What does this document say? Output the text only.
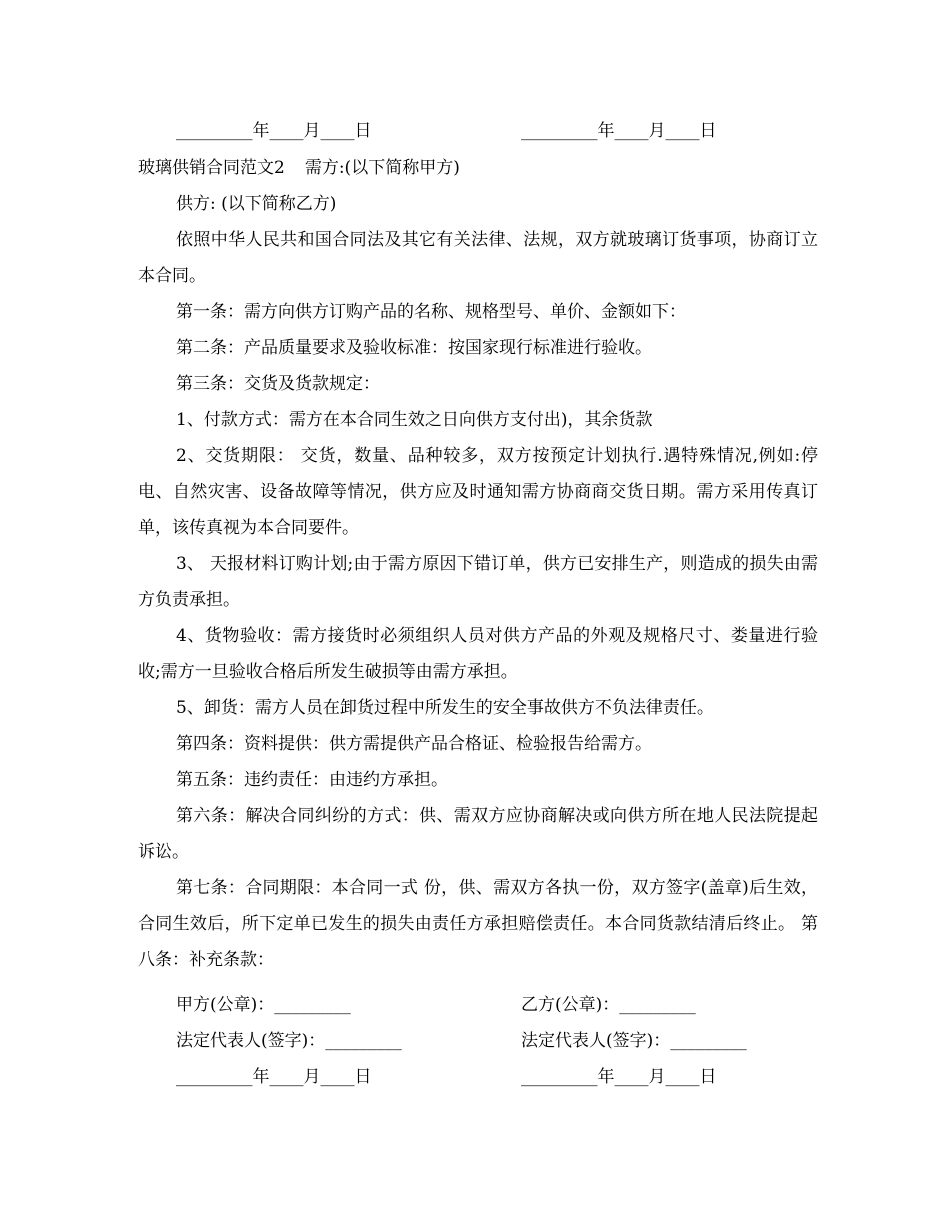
_________年____月____日	_________年____月____日
玻璃供销合同范文2 需方:(以下简称甲方)

供方: (以下简称乙方)

依照中华人民共和国合同法及其它有关法律、法规，双方就玻璃订货事项，协商订立本合同。

第一条：需方向供方订购产品的名称、规格型号、单价、金额如下：

第二条：产品质量要求及验收标准：按国家现行标准进行验收。

第三条：交货及货款规定：

1、付款方式：需方在本合同生效之日向供方支付出)，其余货款

2、交货期限： 交货，数量、品种较多，双方按预定计划执行.遇特殊情况,例如:停电、自然灾害、设备故障等情况，供方应及时通知需方协商商交货日期。需方采用传真订单，该传真视为本合同要件。

3、 天报材料订购计划;由于需方原因下错订单，供方已安排生产，则造成的损失由需方负责承担。

4、货物验收：需方接货时必须组织人员对供方产品的外观及规格尺寸、娄量进行验收;需方一旦验收合格后所发生破损等由需方承担。

5、卸货：需方人员在卸货过程中所发生的安全事故供方不负法律责任。

第四条：资料提供：供方需提供产品合格证、检验报告给需方。

第五条：违约责任：由违约方承担。

第六条：解决合同纠纷的方式：供、需双方应协商解决或向供方所在地人民法院提起诉讼。

第七条：合同期限：本合同一式 份，供、需双方各执一份，双方签字(盖章)后生效，合同生效后，所下定单已发生的损失由责任方承担赔偿责任。本合同货款结清后终止。 第八条：补充条款：

甲方(公章)：_________	乙方(公章)：_________
法定代表人(签字)：_________	法定代表人(签字)：_________
_________年____月____日	_________年____月____日
